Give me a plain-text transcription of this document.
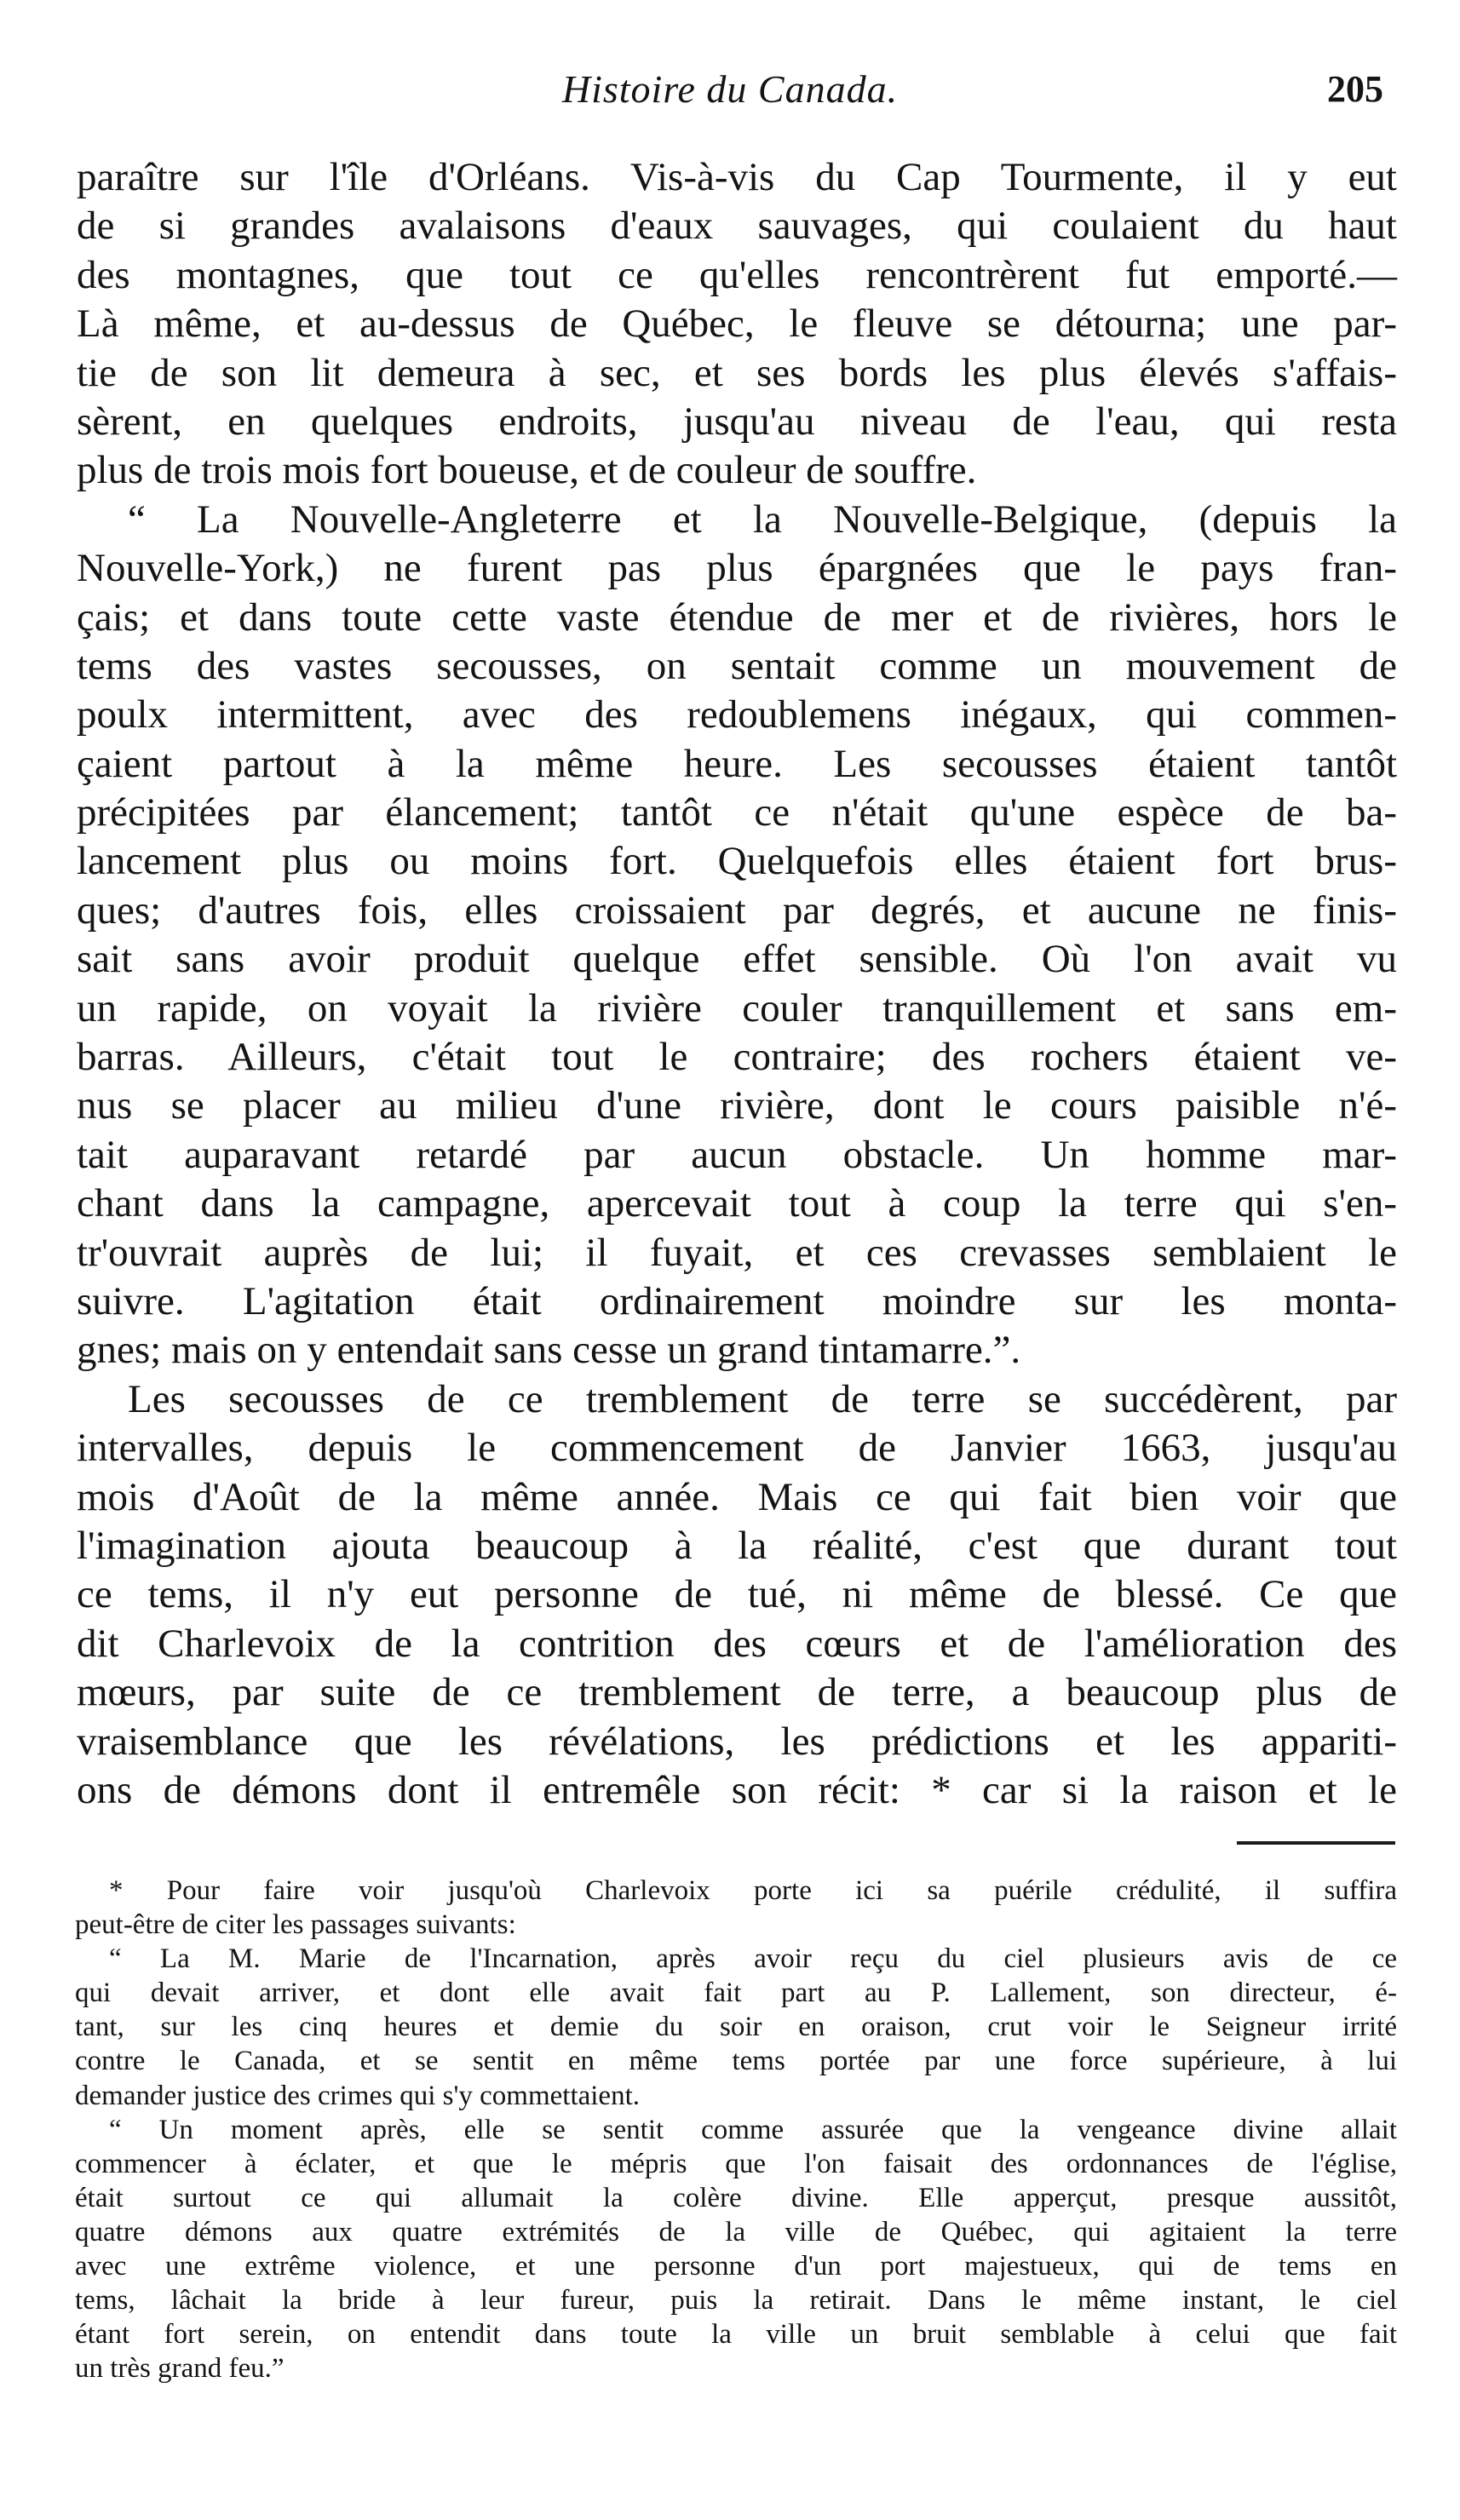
Histoire du Canada.	205
paraître sur l'île d'Orléans. Vis-à-vis du Cap Tourmente, il y eut
de si grandes avalaisons d'eaux sauvages, qui coulaient du haut
des montagnes, que tout ce qu'elles rencontrèrent fut emporté.—
Là même, et au-dessus de Québec, le fleuve se détourna; une par-
tie de son lit demeura à sec, et ses bords les plus élevés s'affais-
sèrent, en quelques endroits, jusqu'au niveau de l'eau, qui resta
plus de trois mois fort boueuse, et de couleur de souffre.
“ La Nouvelle-Angleterre et la Nouvelle-Belgique, (depuis la
Nouvelle-York,) ne furent pas plus épargnées que le pays fran-
çais; et dans toute cette vaste étendue de mer et de rivières, hors le
tems des vastes secousses, on sentait comme un mouvement de
poulx intermittent, avec des redoublemens inégaux, qui commen-
çaient partout à la même heure. Les secousses étaient tantôt
précipitées par élancement; tantôt ce n'était qu'une espèce de ba-
lancement plus ou moins fort. Quelquefois elles étaient fort brus-
ques; d'autres fois, elles croissaient par degrés, et aucune ne finis-
sait sans avoir produit quelque effet sensible. Où l'on avait vu
un rapide, on voyait la rivière couler tranquillement et sans em-
barras. Ailleurs, c'était tout le contraire; des rochers étaient ve-
nus se placer au milieu d'une rivière, dont le cours paisible n'é-
tait auparavant retardé par aucun obstacle. Un homme mar-
chant dans la campagne, apercevait tout à coup la terre qui s'en-
tr'ouvrait auprès de lui; il fuyait, et ces crevasses semblaient le
suivre. L'agitation était ordinairement moindre sur les monta-
gnes; mais on y entendait sans cesse un grand tintamarre.”.
Les secousses de ce tremblement de terre se succédèrent, par
intervalles, depuis le commencement de Janvier 1663, jusqu'au
mois d'Août de la même année. Mais ce qui fait bien voir que
l'imagination ajouta beaucoup à la réalité, c'est que durant tout
ce tems, il n'y eut personne de tué, ni même de blessé. Ce que
dit Charlevoix de la contrition des cœurs et de l'amélioration des
mœurs, par suite de ce tremblement de terre, a beaucoup plus de
vraisemblance que les révélations, les prédictions et les appariti-
ons de démons dont il entremêle son récit: * car si la raison et le
* Pour faire voir jusqu'où Charlevoix porte ici sa puérile crédulité, il suffira
peut-être de citer les passages suivants:
“ La M. Marie de l'Incarnation, après avoir reçu du ciel plusieurs avis de ce
qui devait arriver, et dont elle avait fait part au P. Lallement, son directeur, é-
tant, sur les cinq heures et demie du soir en oraison, crut voir le Seigneur irrité
contre le Canada, et se sentit en même tems portée par une force supérieure, à lui
demander justice des crimes qui s'y commettaient.
“ Un moment après, elle se sentit comme assurée que la vengeance divine allait
commencer à éclater, et que le mépris que l'on faisait des ordonnances de l'église,
était surtout ce qui allumait la colère divine. Elle apperçut, presque aussitôt,
quatre démons aux quatre extrémités de la ville de Québec, qui agitaient la terre
avec une extrême violence, et une personne d'un port majestueux, qui de tems en
tems, lâchait la bride à leur fureur, puis la retirait. Dans le même instant, le ciel
étant fort serein, on entendit dans toute la ville un bruit semblable à celui que fait
un très grand feu.”
